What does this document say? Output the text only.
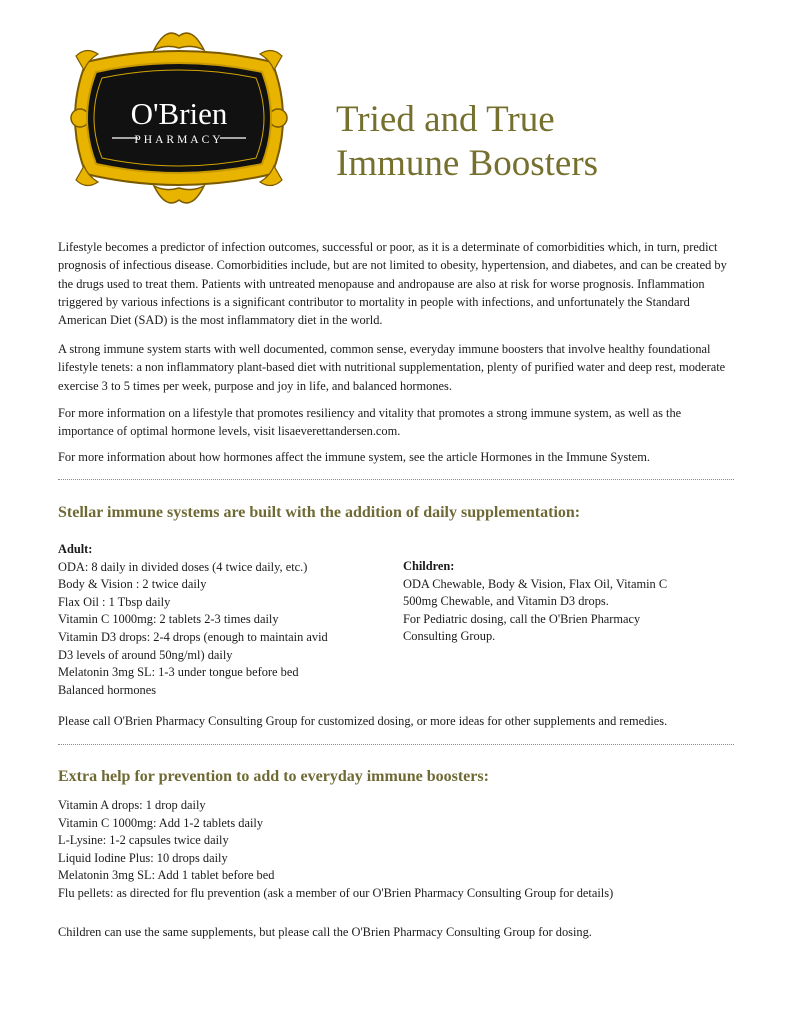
O'Brien
PHARMACY	Tried and True
Immune Boosters

Lifestyle becomes a predictor of infection outcomes, successful or poor, as it is a determinate of comorbidities which, in turn, predict prognosis of infectious disease. Comorbidities include, but are not limited to obesity, hypertension, and diabetes, and can be created by the drugs used to treat them. Patients with untreated menopause and andropause are also at risk for worse prognosis. Inflammation triggered by various infections is a significant contributor to mortality in people with infections, and unfortunately the Standard American Diet (SAD) is the most inflammatory diet in the world.

A strong immune system starts with well documented, common sense, everyday immune boosters that involve healthy foundational lifestyle tenets: a non inflammatory plant-based diet with nutritional supplementation, plenty of purified water and deep rest, moderate exercise 3 to 5 times per week, purpose and joy in life, and balanced hormones.

For more information on a lifestyle that promotes resiliency and vitality that promotes a strong immune system, as well as the importance of optimal hormone levels, visit lisaeverettandersen.com.

For more information about how hormones affect the immune system, see the article Hormones in the Immune System.

Stellar immune systems are built with the addition of daily supplementation:
Adult:
ODA: 8 daily in divided doses (4 twice daily, etc.)
Body & Vision : 2 twice daily
Flax Oil : 1 Tbsp daily
Vitamin C 1000mg: 2 tablets 2-3 times daily
Vitamin D3 drops: 2-4 drops (enough to maintain avid
D3 levels of around 50ng/ml) daily
Melatonin 3mg SL: 1-3 under tongue before bed
Balanced hormones
Children:
ODA Chewable, Body & Vision, Flax Oil, Vitamin C
500mg Chewable, and Vitamin D3 drops.
For Pediatric dosing, call the O'Brien Pharmacy
Consulting Group.

Please call O'Brien Pharmacy Consulting Group for customized dosing, or more ideas for other supplements and remedies.

Extra help for prevention to add to everyday immune boosters:
Vitamin A drops: 1 drop daily
Vitamin C 1000mg: Add 1-2 tablets daily
L-Lysine: 1-2 capsules twice daily
Liquid Iodine Plus: 10 drops daily
Melatonin 3mg SL: Add 1 tablet before bed
Flu pellets: as directed for flu prevention (ask a member of our O'Brien Pharmacy Consulting Group for details)

Children can use the same supplements, but please call the O'Brien Pharmacy Consulting Group for dosing.
